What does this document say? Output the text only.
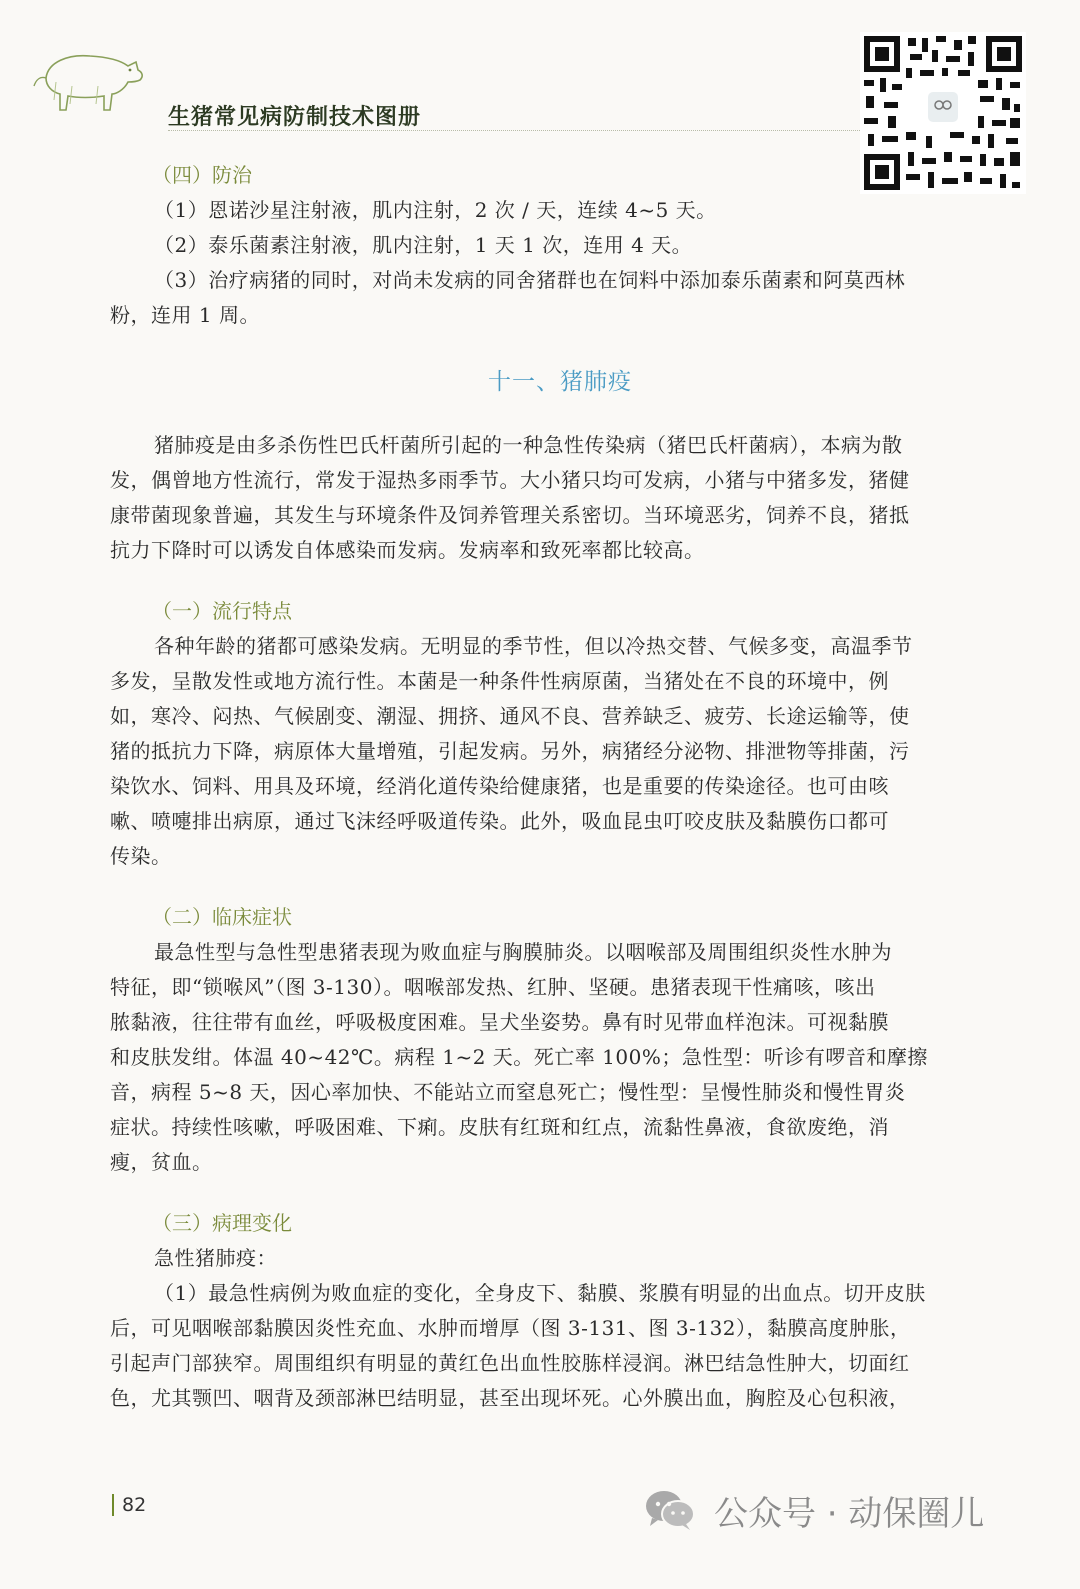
生猪常见病防制技术图册

（四）防治

（1）恩诺沙星注射液，肌内注射，2 次 / 天，连续 4~5 天。
（2）泰乐菌素注射液，肌内注射，1 天 1 次，连用 4 天。
（3）治疗病猪的同时，对尚未发病的同舍猪群也在饲料中添加泰乐菌素和阿莫西林
粉，连用 1 周。
十一、猪肺疫
猪肺疫是由多杀伤性巴氏杆菌所引起的一种急性传染病（猪巴氏杆菌病），本病为散
发，偶曾地方性流行，常发于湿热多雨季节。大小猪只均可发病，小猪与中猪多发，猪健
康带菌现象普遍，其发生与环境条件及饲养管理关系密切。当环境恶劣，饲养不良，猪抵
抗力下降时可以诱发自体感染而发病。发病率和致死率都比较高。

（一）流行特点

各种年龄的猪都可感染发病。无明显的季节性，但以冷热交替、气候多变，高温季节
多发，呈散发性或地方流行性。本菌是一种条件性病原菌，当猪处在不良的环境中，例
如，寒冷、闷热、气候剧变、潮湿、拥挤、通风不良、营养缺乏、疲劳、长途运输等，使
猪的抵抗力下降，病原体大量增殖，引起发病。另外，病猪经分泌物、排泄物等排菌，污
染饮水、饲料、用具及环境，经消化道传染给健康猪，也是重要的传染途径。也可由咳
嗽、喷嚏排出病原，通过飞沫经呼吸道传染。此外，吸血昆虫叮咬皮肤及黏膜伤口都可
传染。

（二）临床症状

最急性型与急性型患猪表现为败血症与胸膜肺炎。以咽喉部及周围组织炎性水肿为
特征，即“锁喉风”（图 3-130）。咽喉部发热、红肿、坚硬。患猪表现干性痛咳，咳出
脓黏液，往往带有血丝，呼吸极度困难。呈犬坐姿势。鼻有时见带血样泡沫。可视黏膜
和皮肤发绀。体温 40~42℃。病程 1~2 天。死亡率 100%；急性型：听诊有啰音和摩擦
音，病程 5~8 天，因心率加快、不能站立而窒息死亡；慢性型：呈慢性肺炎和慢性胃炎
症状。持续性咳嗽，呼吸困难、下痢。皮肤有红斑和红点，流黏性鼻液，食欲废绝，消
瘦，贫血。

（三）病理变化

急性猪肺疫：
（1）最急性病例为败血症的变化，全身皮下、黏膜、浆膜有明显的出血点。切开皮肤
后，可见咽喉部黏膜因炎性充血、水肿而增厚（图 3-131、图 3-132），黏膜高度肿胀，
引起声门部狭窄。周围组织有明显的黄红色出血性胶胨样浸润。淋巴结急性肿大，切面红
色，尤其颚凹、咽背及颈部淋巴结明显，甚至出现坏死。心外膜出血，胸腔及心包积液，
82	公众号 · 动保圈儿
